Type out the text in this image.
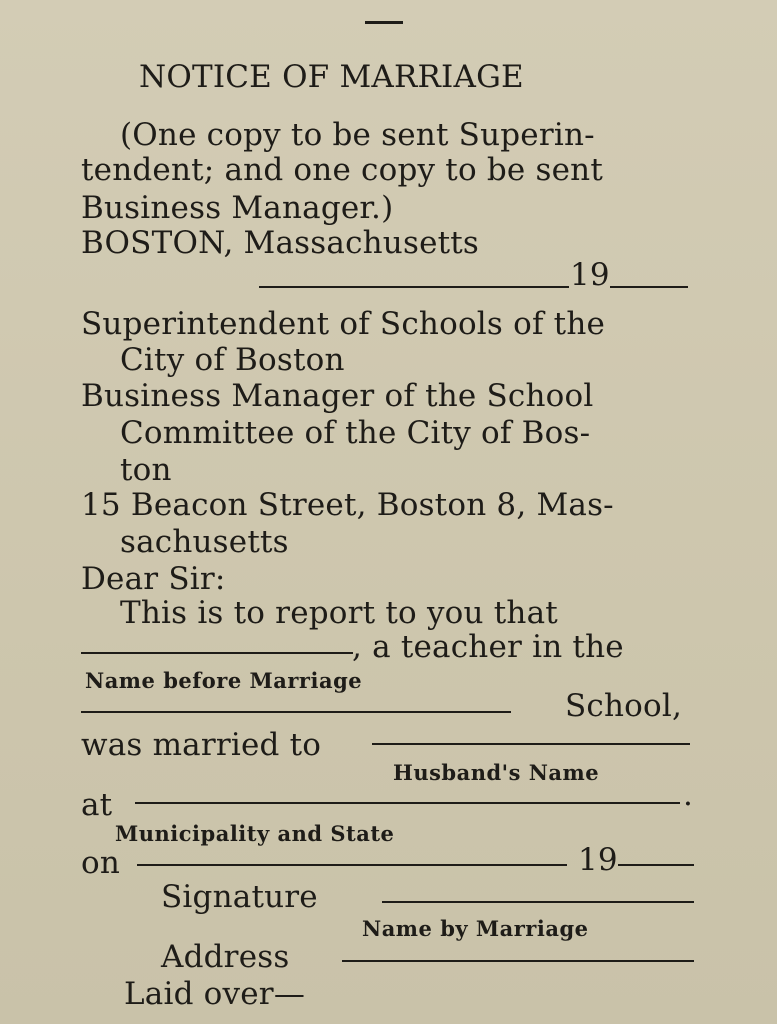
NOTICE OF MARRIAGE
(One copy to be sent Superin-
tendent; and one copy to be sent
Business Manager.)
BOSTON, Massachusetts
19
Superintendent of Schools of the
City of Boston
Business Manager of the School
Committee of the City of Bos-
ton
15 Beacon Street, Boston 8, Mas-
sachusetts
Dear Sir:
This is to report to you that
, a teacher in the
Name before Marriage
School,
was married to
Husband's Name
at	.
Municipality and State
on	19
Signature
Name by Marriage
Address
Laid over—
